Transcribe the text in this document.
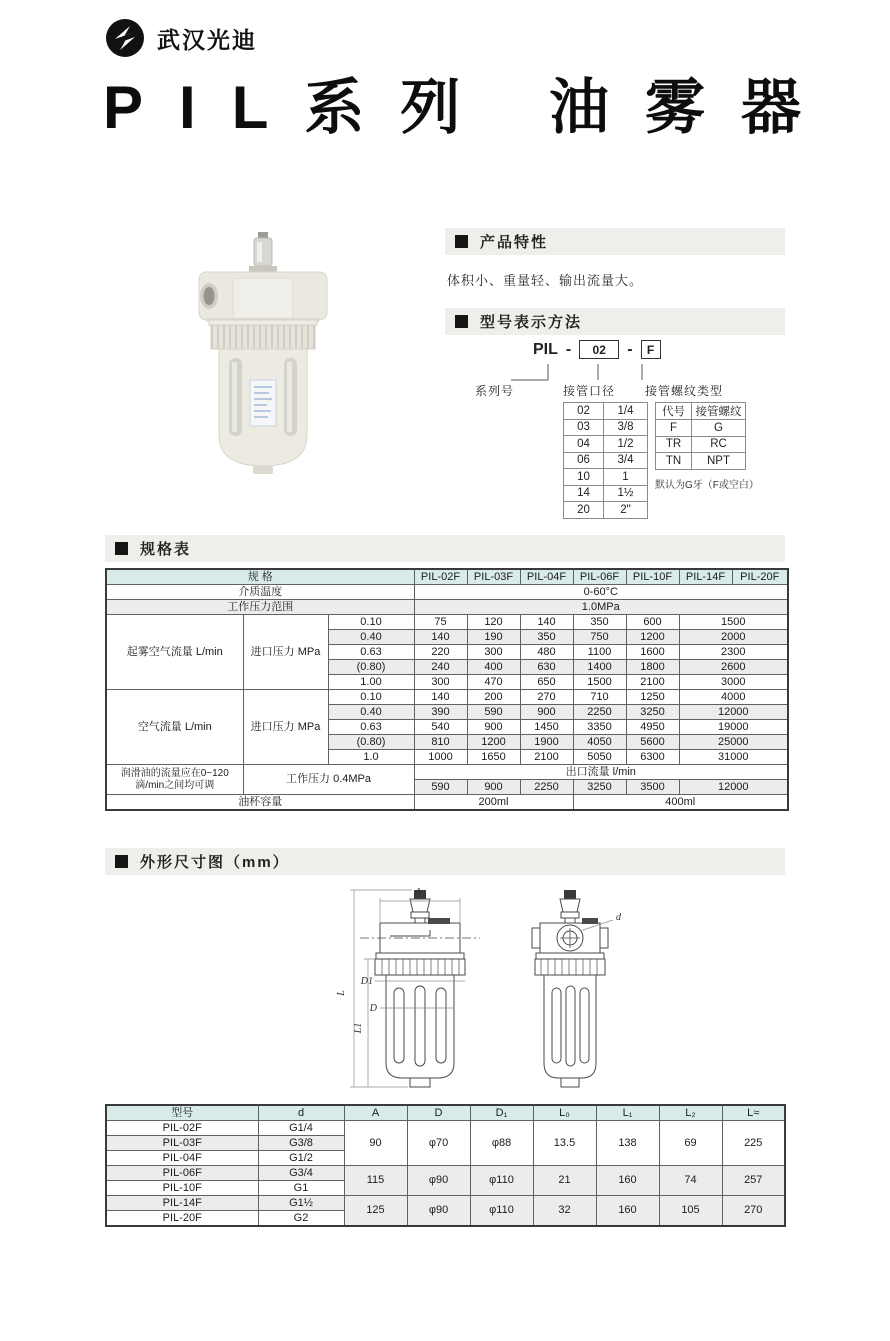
武汉光迪
PIL系列 油雾器
产品特性
体积小、重量轻、输出流量大。
型号表示方法
PIL -	02	-	F
系列号	接管口径 接管螺纹类型
02	1/4
03	3/8
04	1/2
06	3/4
10	1
14	1½
20	2"
代号	接管螺纹
F	G
TR	RC
TN	NPT
默认为G牙（F或空白）
规格表
规 格			PIL-02F	PIL-03F	PIL-04F	PIL-06F	PIL-10F	PIL-14F	PIL-20F
介质温度			0-60°C						
工作压力范围			1.0MPa						
起雾空气流量 L/min	进口压力 MPa	0.10	75	120	140	350	600	1500	
		0.40	140	190	350	750	1200	2000	
		0.63	220	300	480	1100	1600	2300	
		(0.80)	240	400	630	1400	1800	2600	
		1.00	300	470	650	1500	2100	3000	
空气流量 L/min	进口压力 MPa	0.10	140	200	270	710	1250	4000	
		0.40	390	590	900	2250	3250	12000	
		0.63	540	900	1450	3350	4950	19000	
		(0.80)	810	1200	1900	4050	5600	25000	
		1.0	1000	1650	2100	5050	6300	31000	
润滑油的流量应在0~120滴/min之间均可调	工作压力 0.4MPa		出口流量 l/min						
			590	900	2250	3250	3500	12000	
油杯容量			200ml			400ml			
外形尺寸图（mm）
A
L
L1
D1
D
d
型号	d	A	D	D₁	L₀	L₁	L₂	L≈
PIL-02F	G1/4	90	φ70	φ88	13.5	138	69	225
PIL-03F	G3/8							
PIL-04F	G1/2							
PIL-06F	G3/4	115	φ90	φ110	21	160	74	257
PIL-10F	G1							
PIL-14F	G1½	125	φ90	φ110	32	160	105	270
PIL-20F	G2							
